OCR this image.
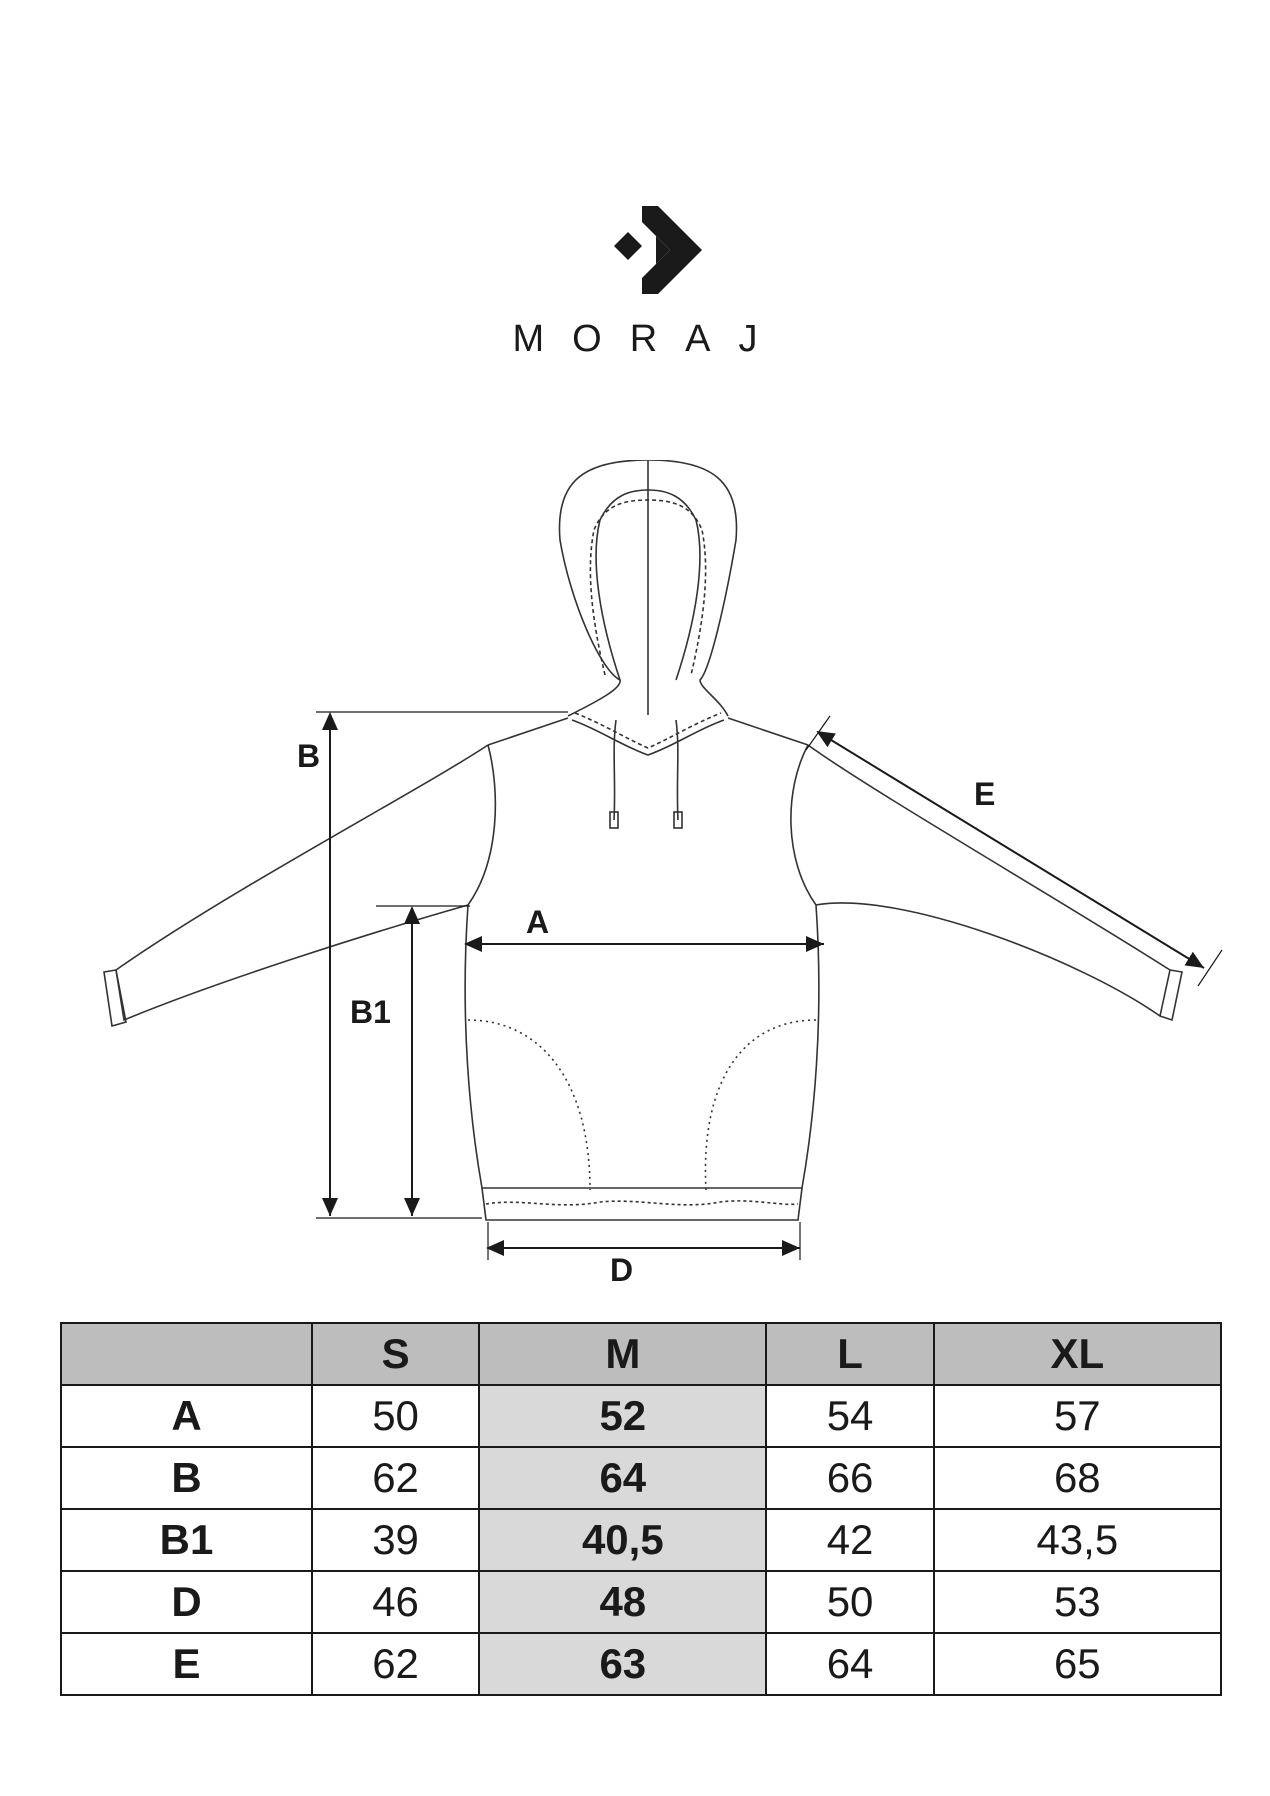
MORAJ
B
B1
A
D
E
	S	M	L	XL
A	50	52	54	57
B	62	64	66	68
B1	39	40,5	42	43,5
D	46	48	50	53
E	62	63	64	65
